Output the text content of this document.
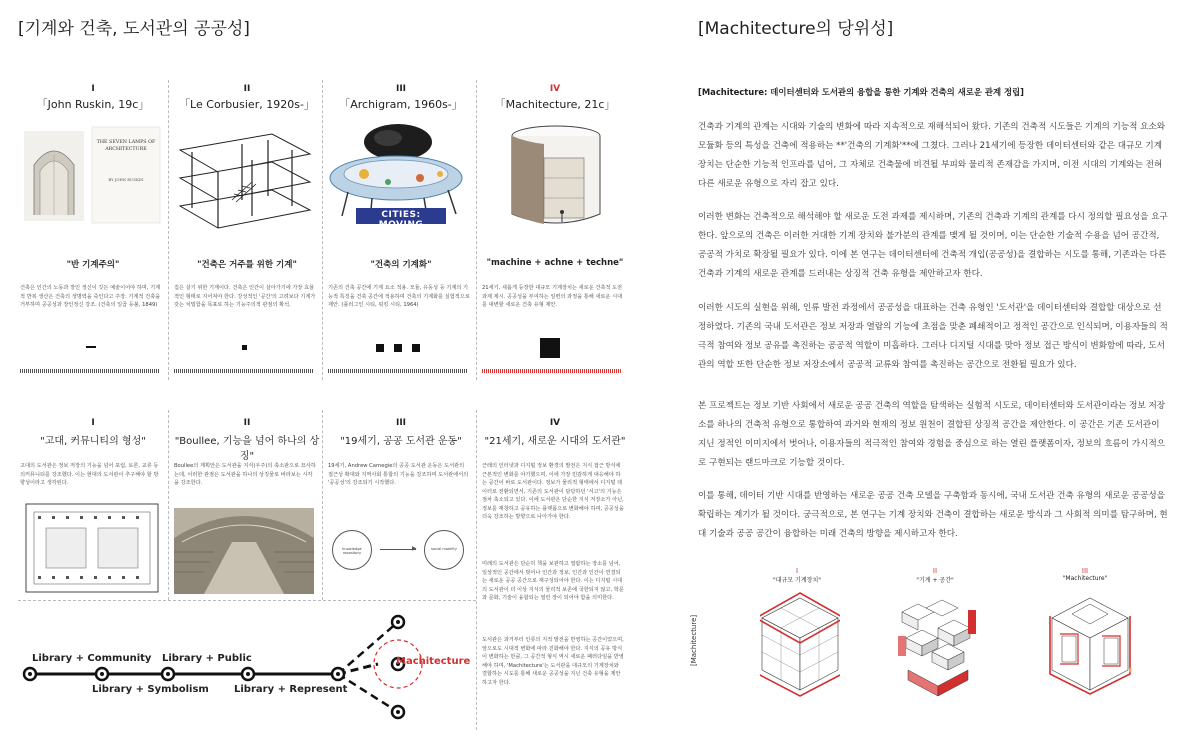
[기계와 건축, 도서관의 공공성]
I
「John Ruskin, 19c」
THE SEVEN LAMPS OF ARCHITECTURE
BY JOHN RUSKIN
"반 기계주의"
건축은 인간의 노동과 장인 정신이 깃든 예술이어야 하며, 기계적 반복 생산은 건축의 생명력을 죽인다고 주장. 기계적 건축을 거부하며 공공성과 장인정신 강조. (건축의 일곱 등불, 1849)
II
「Le Corbusier, 1920s-」
"건축은 거주를 위한 기계"
집은 살기 위한 기계이다. 건축은 인간이 살아가기에 가장 효율적인 형태로 지어져야 한다. 강성적인 '공간'의 고려보다 기계가 갖는 치밀함을 목표로 하는 기능주의적 관점의 확석.
III
「Archigram, 1960s-」
CITIES: MOVING
"건축의 기계화"
기존의 건축 공간에 기계 요소 적용. 모듈, 유동성 등 기계의 기능적 특징을 건축 공간에 적용하며 건축의 기계화를 실험적으로 제안. (플러그인 시티, 워킹 시티, 1964)
IV
「Machitecture, 21c」
"machine + achne + techne"
21세기, 새롭게 등장한 대규모 기계장치는 새로운 건축적 도전과제 제시. 공공성을 부여하는 일련의 과정을 통해 새로운 시대를 대변할 새로운 건축 유형 제안.
I
"고대, 커뮤니티의 형성"
고대의 도서관은 정보 저장의 기능을 넘어 포럼, 토론, 교류 등의커뮤니티를 강조했다. 이는 현대의 도서관이 추구해야 할 방향성이라고 생각된다.
II
"Boullee, 기능을 넘어 하나의 상징"
Boullee의 계획안은 도서관을 지식(우주)의 축소판으로 묘사하는데, 이러한 관점은 도서관을 하나의 상징물로 바라보는 시각을 강조한다.
III
"19세기, 공공 도서관 운동"
19세기, Andrew Carnegie의 공공 도서관 운동은 도서관의 접근성 확대와 지역사회 통합의 기능을 강조하며 도서관에서의 '공공성'의 강조되기 시작했다.
knowledge repository
▶	social mobility
IV
"21세기, 새로운 시대의 도서관"
근래의 인터넷과 디지털 정보 환경의 발전은 지식 접근 방식에 근본적인 변화를 야기했으며, 이에 가장 민감하게 대응해야 하는 공간이 바로 도서관이다. 정보가 물리적 형태에서 디지털 데이터로 전환되면서, 기존의 도서관이 담당하던 '서고'의 기능은 점차 축소되고 있다. 이에 도서관은 단순한 지식 저장소가 아닌, 정보를 재창하고 공유하는 플랫폼으로 변화해야 하며, 공공성을 더욱 강조하는 방향으로 나아가야 한다.
미래의 도서관은 단순히 책을 보관하고 열람하는 장소를 넘어, 일상적인 공간에서 벗어나 인간과 정보, 인간과 인간이 연결되는 새로운 공공 공간으로 재구성되어야 한다. 이는 디지털 시대의 도서관이 더 이상 지식의 물리적 보존에 국한되지 않고, 학문과 문화, 기술이 융합되는 열린 장이 되어야 함을 의미한다.
도서관은 과거부터 인류의 지적 발전을 반영하는 공간이었으며, 앞으로도 시대적 변화에 따라 진화해야 한다. 지식의 공유 방식이 변화하는 만큼, 그 공간적 형식 역시 새로운 패러다임을 반영해야 하며, 'Machitecture'는 도서관을 대규모의 기계장치와 결합하는 시도를 통해 새로운 공공성을 지닌 건축 유형을 제안하고자 한다.
Library + Community Library + Public
Library + Symbolism	Library + Represent
Machitecture
[Machitecture의 당위성]
[Machitecture: 데이터센터와 도서관의 융합을 통한 기계와 건축의 새로운 관계 정립]
건축과 기계의 관계는 시대와 기술의 변화에 따라 지속적으로 재해석되어 왔다. 기존의 건축적 시도들은 기계의 기능적 요소와 모듈화 등의 특성을 건축에 적용하는 **'건축의 기계화'**에 그쳤다. 그러나 21세기에 등장한 데이터센터와 같은 대규모 기계 장치는 단순한 기능적 인프라를 넘어, 그 자체로 건축물에 비견될 부피와 물리적 존재감을 가지며, 이전 시대의 기계와는 전혀 다른 새로운 유형으로 자리 잡고 있다.
이러한 변화는 건축적으로 해석해야 할 새로운 도전 과제를 제시하며, 기존의 건축과 기계의 관계를 다시 정의할 필요성을 요구한다. 앞으로의 건축은 이러한 거대한 기계 장치와 불가분의 관계를 맺게 될 것이며, 이는 단순한 기술적 수용을 넘어 공간적, 공공적 가치로 확장될 필요가 있다. 이에 본 연구는 데이터센터에 건축적 개입(공공성)을 결합하는 시도를 통해, 기존과는 다른 건축과 기계의 새로운 관계를 드러내는 상징적 건축 유형을 제안하고자 한다.
이러한 시도의 실현을 위해, 인류 발전 과정에서 공공성을 대표하는 건축 유형인 '도서관'을 데이터센터와 결합할 대상으로 선정하였다. 기존의 국내 도서관은 정보 저장과 열람의 기능에 초점을 맞춘 폐쇄적이고 정적인 공간으로 인식되며, 이용자들의 적극적 참여와 정보 공유를 촉진하는 공공적 역할이 미흡하다. 그러나 디지털 시대를 맞아 정보 접근 방식이 변화함에 따라, 도서관의 역할 또한 단순한 정보 저장소에서 공공적 교류와 참여를 촉진하는 공간으로 전환될 필요가 있다.
본 프로젝트는 정보 기반 사회에서 새로운 공공 건축의 역할을 탐색하는 실험적 시도로, 데이터센터와 도서관이라는 정보 저장소를 하나의 건축적 유형으로 통합하여 과거와 현재의 정보 원천이 결합된 상징적 공간을 제안한다. 이 공간은 기존 도서관이 지닌 정적인 이미지에서 벗어나, 이용자들의 적극적인 참여와 경험을 중심으로 하는 열린 플랫폼이자, 정보의 흐름이 가시적으로 구현되는 랜드마크로 기능할 것이다.
이를 통해, 데이터 기반 시대를 반영하는 새로운 공공 건축 모델을 구축함과 동시에, 국내 도서관 건축 유형의 새로운 공공성을 확립하는 계기가 될 것이다. 궁극적으로, 본 연구는 기계 장치와 건축이 결합하는 새로운 방식과 그 사회적 의미를 탐구하며, 현대 기술과 공공 공간이 융합하는 미래 건축의 방향을 제시하고자 한다.
[Machitecture]
I
"대규모 기계장치"
II
"기계 + 공간"
III
"Machitecture"
